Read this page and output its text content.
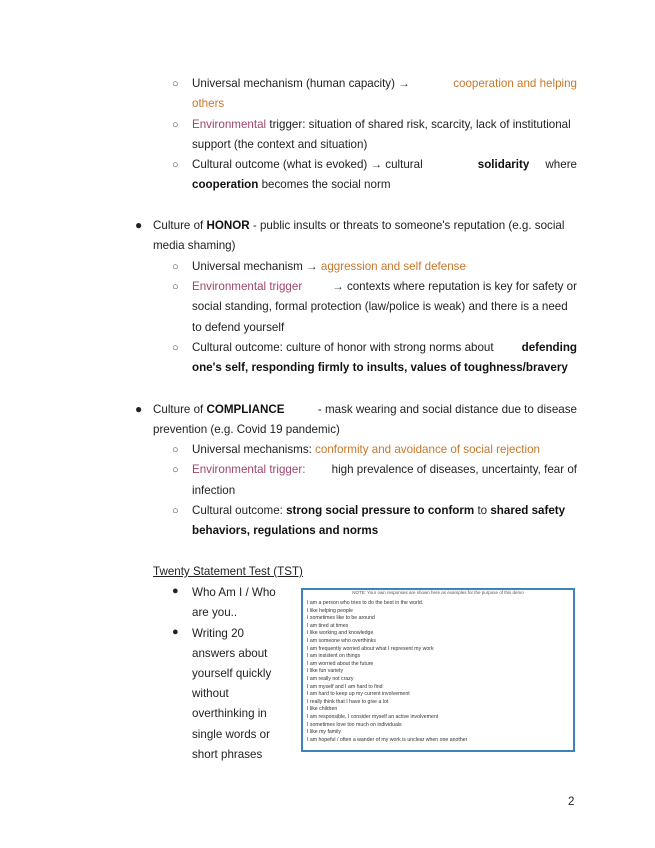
○ Universal mechanism (human capacity) →	cooperation and helping
others
○ Environmental trigger: situation of shared risk, scarcity, lack of institutional
support (the context and situation)
○ Cultural outcome (what is evoked) → cultural	solidarity where
cooperation becomes the social norm
● Culture of HONOR - public insults or threats to someone's reputation (e.g. social
media shaming)
○ Universal mechanism → aggression and self defense
○ Environmental trigger	→ contexts where reputation is key for safety or
social standing, formal protection (law/police is weak) and there is a need
to defend yourself
○ Cultural outcome: culture of honor with strong norms about defending
one's self, responding firmly to insults, values of toughness/bravery
● Culture of COMPLIANCE	- mask wearing and social distance due to disease
prevention (e.g. Covid 19 pandemic)
○ Universal mechanisms: conformity and avoidance of social rejection
○ Environmental trigger: high prevalence of diseases, uncertainty, fear of
infection
○ Cultural outcome: strong social pressure to conform to shared safety
behaviors, regulations and norms
Twenty Statement Test (TST)
● Who Am I / Who
are you..
● Writing 20
answers about
yourself quickly
without
overthinking in
single words or
short phrases
NOTE: Your own responses are shown here as examples for the purpose of this demo
I am a person who tries to do the best in the world.
I like helping people
I sometimes like to be around
I am tired at times
I like working and knowledge
I am someone who overthinks
I am frequently worried about what I represent my work
I am insistent on things
I am worried about the future
I like fun variety
I am really not crazy
I am myself and I am hard to find
I am hard to keep up my current involvement
I really think that I have to give a lot
I like children
I am responsible, I consider myself an active involvement
I sometimes love too much on individuals
I like my family
I am hopeful / often a wander of my work is unclear when one another
2
